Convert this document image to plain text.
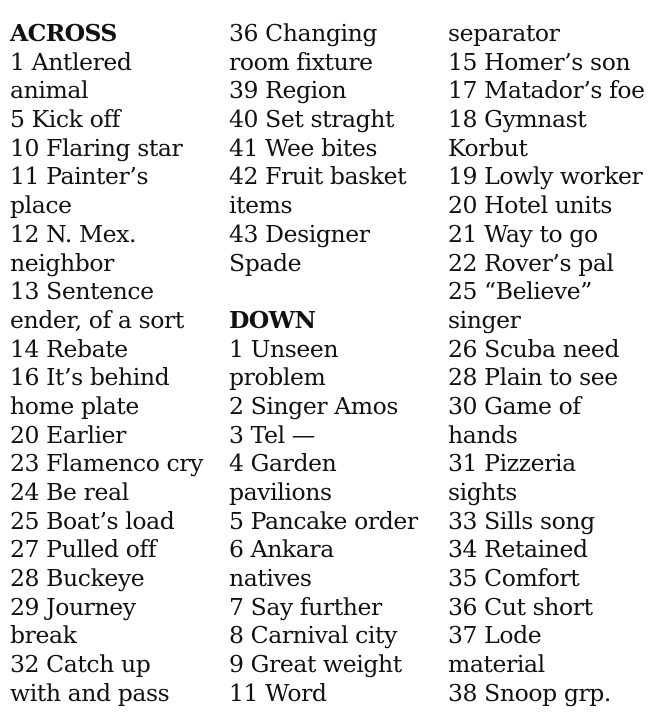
ACROSS
1 Antlered
animal
5 Kick off
10 Flaring star
11 Painter’s
place
12 N. Mex.
neighbor
13 Sentence
ender, of a sort
14 Rebate
16 It’s behind
home plate
20 Earlier
23 Flamenco cry
24 Be real
25 Boat’s load
27 Pulled off
28 Buckeye
29 Journey
break
32 Catch up
with and pass
36 Changing
room fixture
39 Region
40 Set straght
41 Wee bites
42 Fruit basket
items
43 Designer
Spade
DOWN
1 Unseen
problem
2 Singer Amos
3 Tel —
4 Garden
pavilions
5 Pancake order
6 Ankara
natives
7 Say further
8 Carnival city
9 Great weight
11 Word
separator
15 Homer’s son
17 Matador’s foe
18 Gymnast
Korbut
19 Lowly worker
20 Hotel units
21 Way to go
22 Rover’s pal
25 “Believe”
singer
26 Scuba need
28 Plain to see
30 Game of
hands
31 Pizzeria
sights
33 Sills song
34 Retained
35 Comfort
36 Cut short
37 Lode
material
38 Snoop grp.
